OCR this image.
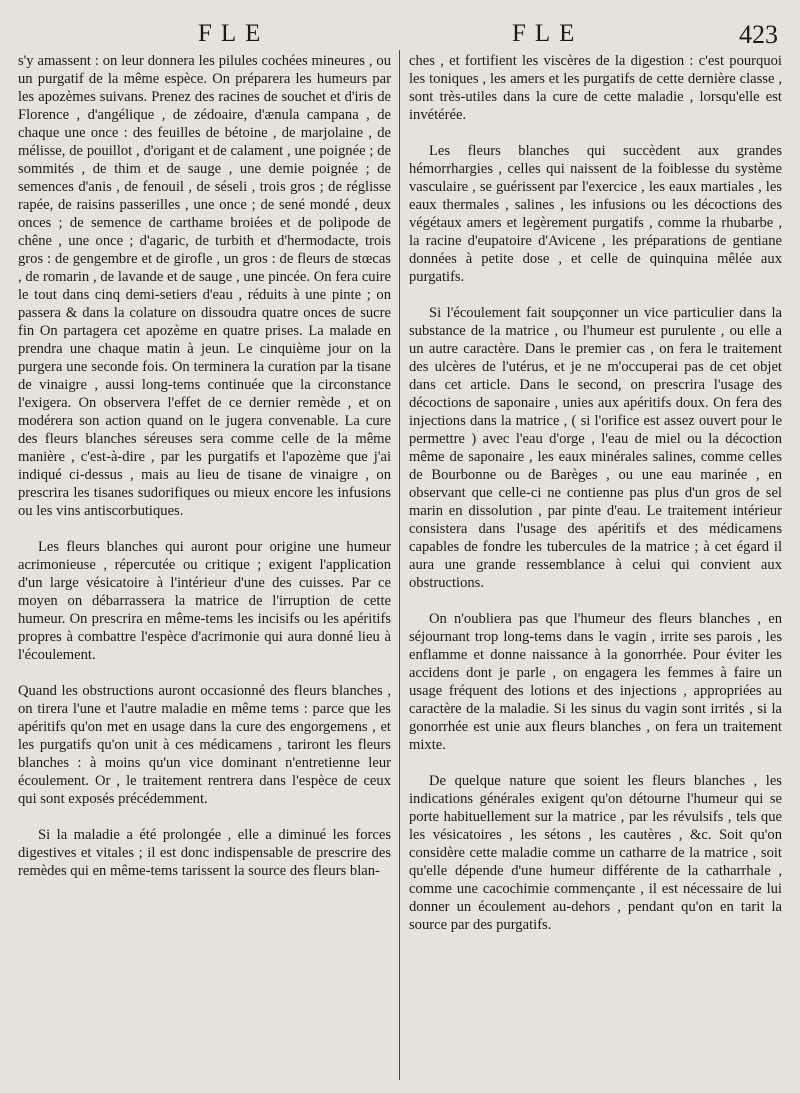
FLE	FLE	423

s'y amassent : on leur donnera les pilules cochées mineures , ou un purgatif de la même espèce. On préparera les humeurs par les apozèmes suivans. Prenez des racines de souchet et d'iris de Florence , d'angélique , de zédoaire, d'ænula campana , de chaque une once : des feuilles de bétoine , de marjolaine , de mélisse, de pouillot , d'origant et de calament , une poignée ; de sommités , de thim et de sauge , une demie poignée ; de semences d'anis , de fenouil , de séseli , trois gros ; de réglisse rapée, de raisins passerilles , une once ; de sené mondé , deux onces ; de semence de carthame broiées et de polipode de chêne , une once ; d'agaric, de turbith et d'hermodacte, trois gros : de gengembre et de girofle , un gros : de fleurs de stœcas , de romarin , de lavande et de sauge , une pincée. On fera cuire le tout dans cinq demi-setiers d'eau , réduits à une pinte ; on passera & dans la colature on dissoudra quatre onces de sucre fin On partagera cet apozème en quatre prises. La malade en prendra une chaque matin à jeun. Le cinquième jour on la purgera une seconde fois. On terminera la curation par la tisane de vinaigre , aussi long-tems continuée que la circonstance l'exigera. On observera l'effet de ce dernier remède , et on modérera son action quand on le jugera convenable. La cure des fleurs blanches séreuses sera comme celle de la même manière , c'est-à-dire , par les purgatifs et l'apozème que j'ai indiqué ci-dessus , mais au lieu de tisane de vinaigre , on prescrira les tisanes sudorifiques ou mieux encore les infusions ou les vins antiscorbutiques.

Les fleurs blanches qui auront pour origine une humeur acrimonieuse , répercutée ou critique ; exigent l'application d'un large vésicatoire à l'intérieur d'une des cuisses. Par ce moyen on débarrassera la matrice de l'irruption de cette humeur. On prescrira en même-tems les incisifs ou les apéritifs propres à combattre l'espèce d'acrimonie qui aura donné lieu à l'écoulement.

Quand les obstructions auront occasionné des fleurs blanches , on tirera l'une et l'autre maladie en même tems : parce que les apéritifs qu'on met en usage dans la cure des engorgemens , et les purgatifs qu'on unit à ces médicamens , tariront les fleurs blanches : à moins qu'un vice dominant n'entretienne leur écoulement. Or , le traitement rentrera dans l'espèce de ceux qui sont exposés précédemment.

Si la maladie a été prolongée , elle a diminué les forces digestives et vitales ; il est donc indispensable de prescrire des remèdes qui en même-tems tarissent la source des fleurs blan-

ches , et fortifient les viscères de la digestion : c'est pourquoi les toniques , les amers et les purgatifs de cette dernière classe , sont très-utiles dans la cure de cette maladie , lorsqu'elle est invétérée.

Les fleurs blanches qui succèdent aux grandes hémorrhargies , celles qui naissent de la foiblesse du système vasculaire , se guérissent par l'exercice , les eaux martiales , les eaux thermales , salines , les infusions ou les décoctions des végétaux amers et legèrement purgatifs , comme la rhubarbe , la racine d'eupatoire d'Avicene , les préparations de gentiane données à petite dose , et celle de quinquina mêlée aux purgatifs.

Si l'écoulement fait soupçonner un vice particulier dans la substance de la matrice , ou l'humeur est purulente , ou elle a un autre caractère. Dans le premier cas , on fera le traitement des ulcères de l'utérus, et je ne m'occuperai pas de cet objet dans cet article. Dans le second, on prescrira l'usage des décoctions de saponaire , unies aux apéritifs doux. On fera des injections dans la matrice , ( si l'orifice est assez ouvert pour le permettre ) avec l'eau d'orge , l'eau de miel ou la décoction même de saponaire , les eaux minérales salines, comme celles de Bourbonne ou de Barèges , ou une eau marinée , en observant que celle-ci ne contienne pas plus d'un gros de sel marin en dissolution , par pinte d'eau. Le traitement intérieur consistera dans l'usage des apéritifs et des médicamens capables de fondre les tubercules de la matrice ; à cet égard il aura une grande ressemblance à celui qui convient aux obstructions.

On n'oubliera pas que l'humeur des fleurs blanches , en séjournant trop long-tems dans le vagin , irrite ses parois , les enflamme et donne naissance à la gonorrhée. Pour éviter les accidens dont je parle , on engagera les femmes à faire un usage fréquent des lotions et des injections , appropriées au caractère de la maladie. Si les sinus du vagin sont irrités , si la gonorrhée est unie aux fleurs blanches , on fera un traitement mixte.

De quelque nature que soient les fleurs blanches , les indications générales exigent qu'on détourne l'humeur qui se porte habituellement sur la matrice , par les révulsifs , tels que les vésicatoires , les sétons , les cautères , &c. Soit qu'on considère cette maladie comme un catharre de la matrice , soit qu'elle dépende d'une humeur différente de la catharrhale , comme une cacochimie commençante , il est nécessaire de lui donner un écoulement au-dehors , pendant qu'on en tarit la source par des purgatifs.
